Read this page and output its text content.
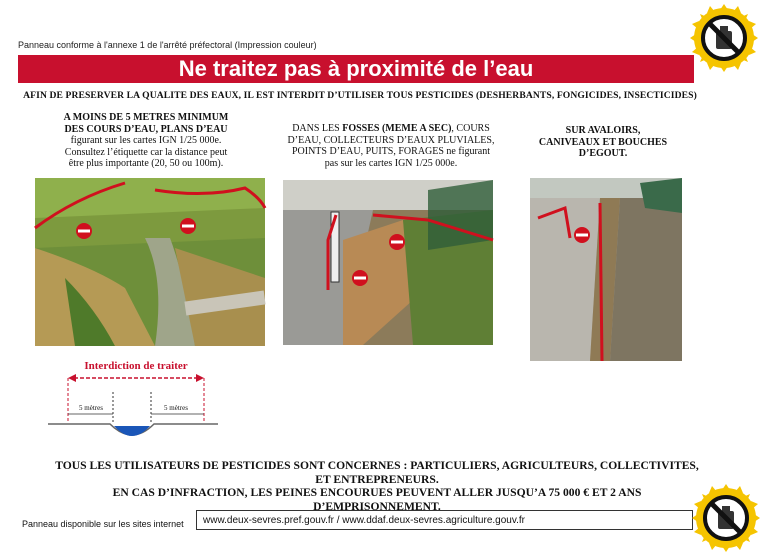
Panneau conforme à l'annexe 1 de l'arrêté préfectoral (Impression couleur)
Ne traitez pas à proximité de l’eau
AFIN DE PRESERVER LA QUALITE DES EAUX, IL EST INTERDIT D’UTILISER TOUS PESTICIDES (DESHERBANTS, FONGICIDES, INSECTICIDES)
A MOINS DE 5 METRES MINIMUM
DES COURS D’EAU, PLANS D’EAU
figurant sur les cartes IGN 1/25 000e.
Consultez l’étiquette car la distance peut
être plus importante (20, 50 ou 100m).
DANS LES FOSSES (MEME A SEC), COURS
D’EAU, COLLECTEURS D’EAUX PLUVIALES,
POINTS D’EAU, PUITS, FORAGES ne figurant
pas sur les cartes IGN 1/25 000e.
SUR AVALOIRS,
CANIVEAUX ET BOUCHES
D’EGOUT.
Interdiction de traiter
5 mètres	5 mètres
TOUS LES UTILISATEURS DE PESTICIDES SONT CONCERNES : PARTICULIERS, AGRICULTEURS, COLLECTIVITES,
ET ENTREPRENEURS.
EN CAS D’INFRACTION, LES PEINES ENCOURUES PEUVENT ALLER JUSQU’A 75 000 € ET 2 ANS
D’EMPRISONNEMENT.
Panneau disponible sur les sites internet	www.deux-sevres.pref.gouv.fr / www.ddaf.deux-sevres.agriculture.gouv.fr
